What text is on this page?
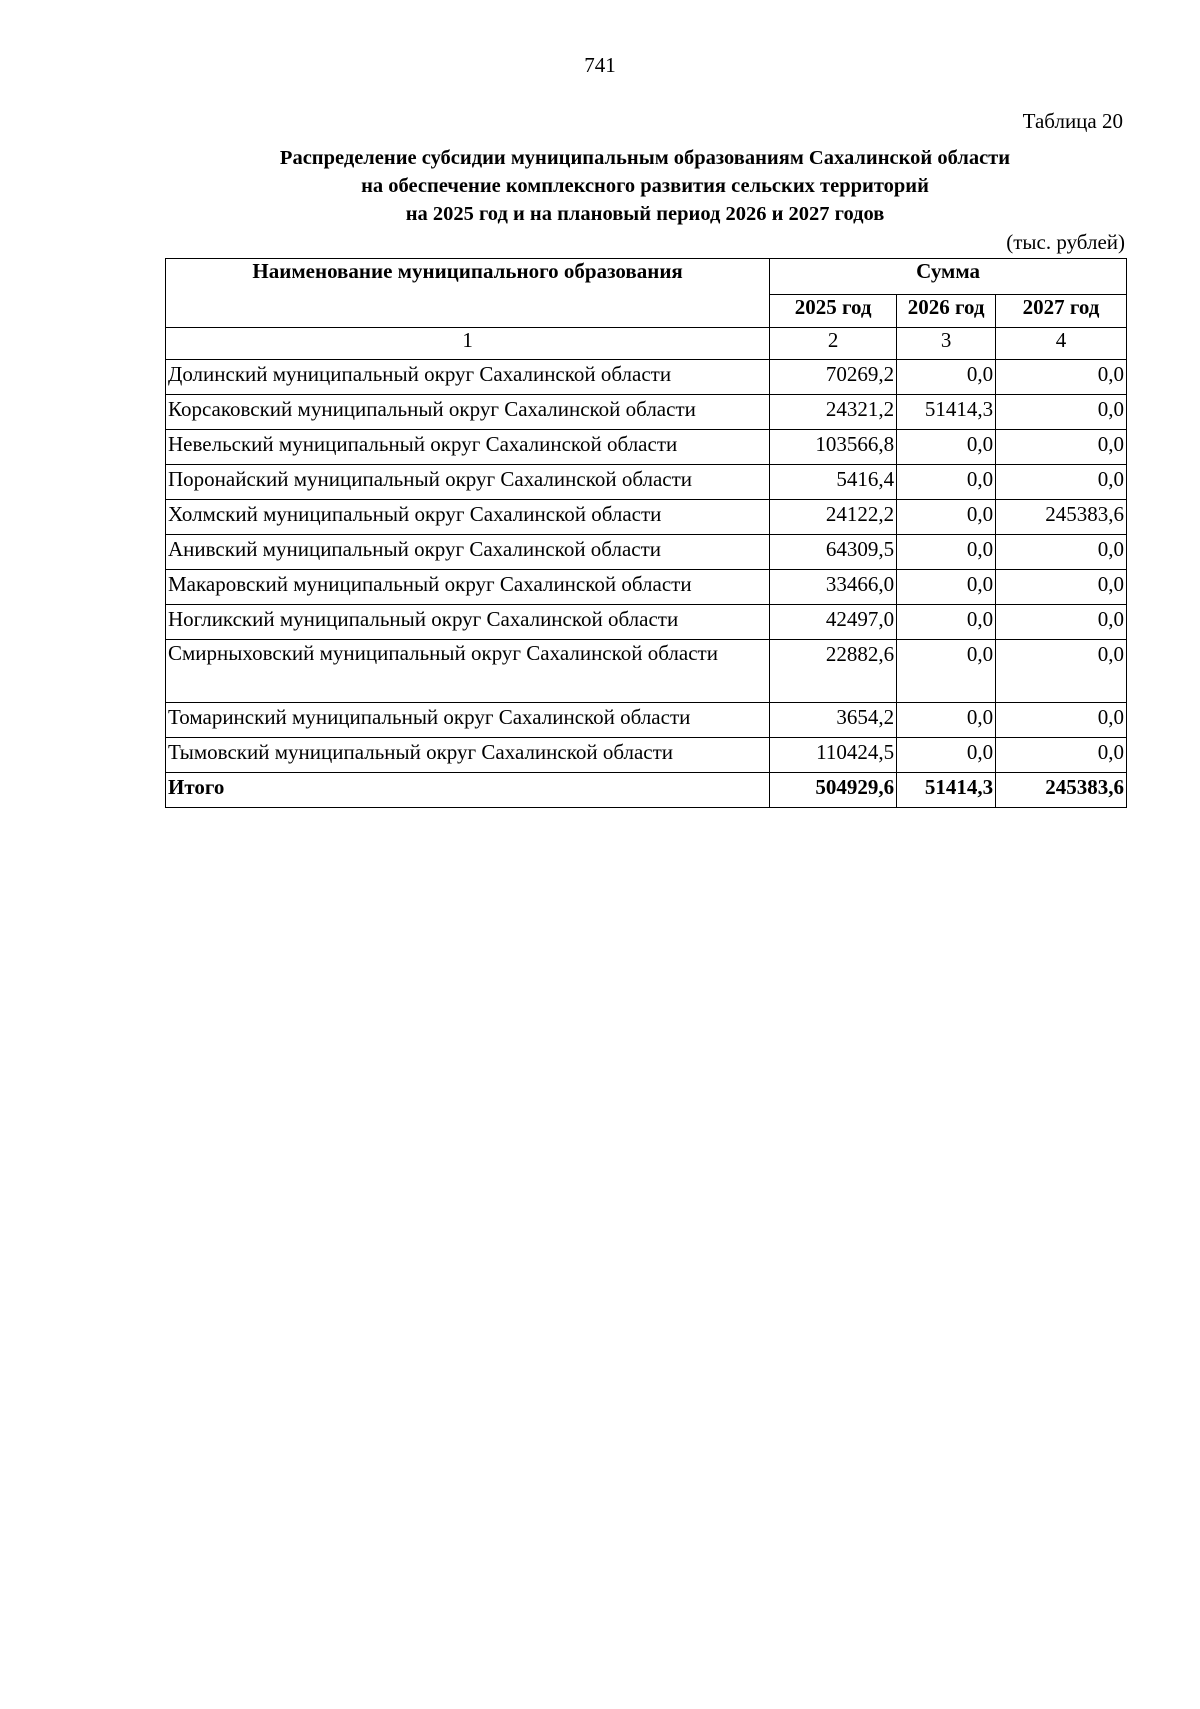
741
Таблица 20
Распределение субсидии муниципальным образованиям Сахалинской области
на обеспечение комплексного развития сельских территорий
на 2025 год и на плановый период 2026 и 2027 годов
(тыс. рублей)
Наименование муниципального образования	Сумма		
	2025 год	2026 год	2027 год
1	2	3	4
Долинский муниципальный округ Сахалинской области	70269,2	0,0	0,0
Корсаковский муниципальный округ Сахалинской области	24321,2	51414,3	0,0
Невельский муниципальный округ Сахалинской области	103566,8	0,0	0,0
Поронайский муниципальный округ Сахалинской области	5416,4	0,0	0,0
Холмский муниципальный округ Сахалинской области	24122,2	0,0	245383,6
Анивский муниципальный округ Сахалинской области	64309,5	0,0	0,0
Макаровский муниципальный округ Сахалинской области	33466,0	0,0	0,0
Ногликский муниципальный округ Сахалинской области	42497,0	0,0	0,0
Смирныховский муниципальный округ Сахалинской области	22882,6	0,0	0,0
Томаринский муниципальный округ Сахалинской области	3654,2	0,0	0,0
Тымовский муниципальный округ Сахалинской области	110424,5	0,0	0,0
Итого	504929,6	51414,3	245383,6
